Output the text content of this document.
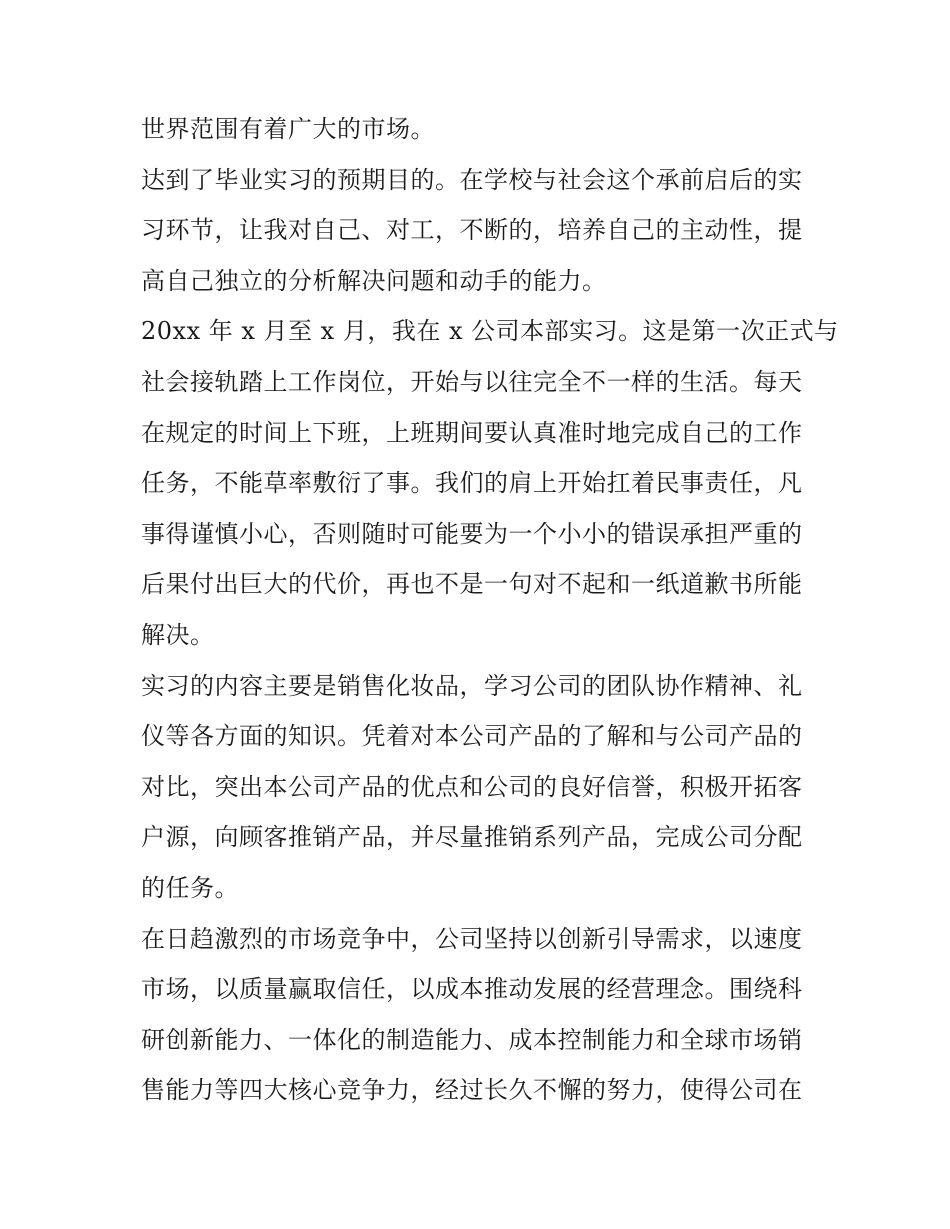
世界范围有着广大的市场。
达到了毕业实习的预期目的。在学校与社会这个承前启后的实
习环节，让我对自己、对工，不断的，培养自己的主动性，提
高自己独立的分析解决问题和动手的能力。
20xx 年 x 月至 x 月，我在 x 公司本部实习。这是第一次正式与
社会接轨踏上工作岗位，开始与以往完全不一样的生活。每天
在规定的时间上下班，上班期间要认真准时地完成自己的工作
任务，不能草率敷衍了事。我们的肩上开始扛着民事责任，凡
事得谨慎小心，否则随时可能要为一个小小的错误承担严重的
后果付出巨大的代价，再也不是一句对不起和一纸道歉书所能
解决。
实习的内容主要是销售化妆品，学习公司的团队协作精神、礼
仪等各方面的知识。凭着对本公司产品的了解和与公司产品的
对比，突出本公司产品的优点和公司的良好信誉，积极开拓客
户源，向顾客推销产品，并尽量推销系列产品，完成公司分配
的任务。
在日趋激烈的市场竞争中，公司坚持以创新引导需求，以速度
市场，以质量赢取信任，以成本推动发展的经营理念。围绕科
研创新能力、一体化的制造能力、成本控制能力和全球市场销
售能力等四大核心竞争力，经过长久不懈的努力，使得公司在
